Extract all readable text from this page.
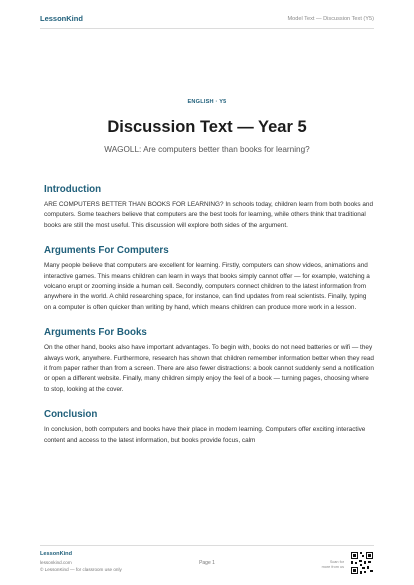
LessonKind	Model Text — Discussion Text (Y5)
ENGLISH · Y5
Discussion Text — Year 5
WAGOLL: Are computers better than books for learning?
Introduction

ARE COMPUTERS BETTER THAN BOOKS FOR LEARNING? In schools today, children learn from both books and computers. Some teachers believe that computers are the best tools for learning, while others think that traditional books are still the most useful. This discussion will explore both sides of the argument.

Arguments For Computers

Many people believe that computers are excellent for learning. Firstly, computers can show videos, animations and interactive games. This means children can learn in ways that books simply cannot offer — for example, watching a volcano erupt or zooming inside a human cell. Secondly, computers connect children to the latest information from anywhere in the world. A child researching space, for instance, can find updates from real scientists. Finally, typing on a computer is often quicker than writing by hand, which means children can produce more work in a lesson.

Arguments For Books

On the other hand, books also have important advantages. To begin with, books do not need batteries or wifi — they always work, anywhere. Furthermore, research has shown that children remember information better when they read it from paper rather than from a screen. There are also fewer distractions: a book cannot suddenly send a notification or open a different website. Finally, many children simply enjoy the feel of a book — turning pages, choosing where to stop, looking at the cover.

Conclusion

In conclusion, both computers and books have their place in modern learning. Computers offer exciting interactive content and access to the latest information, but books provide focus, calm

LessonKind
lessonkind.com
© LessonKind — for classroom use only
Page 1	Scan for
more from us
